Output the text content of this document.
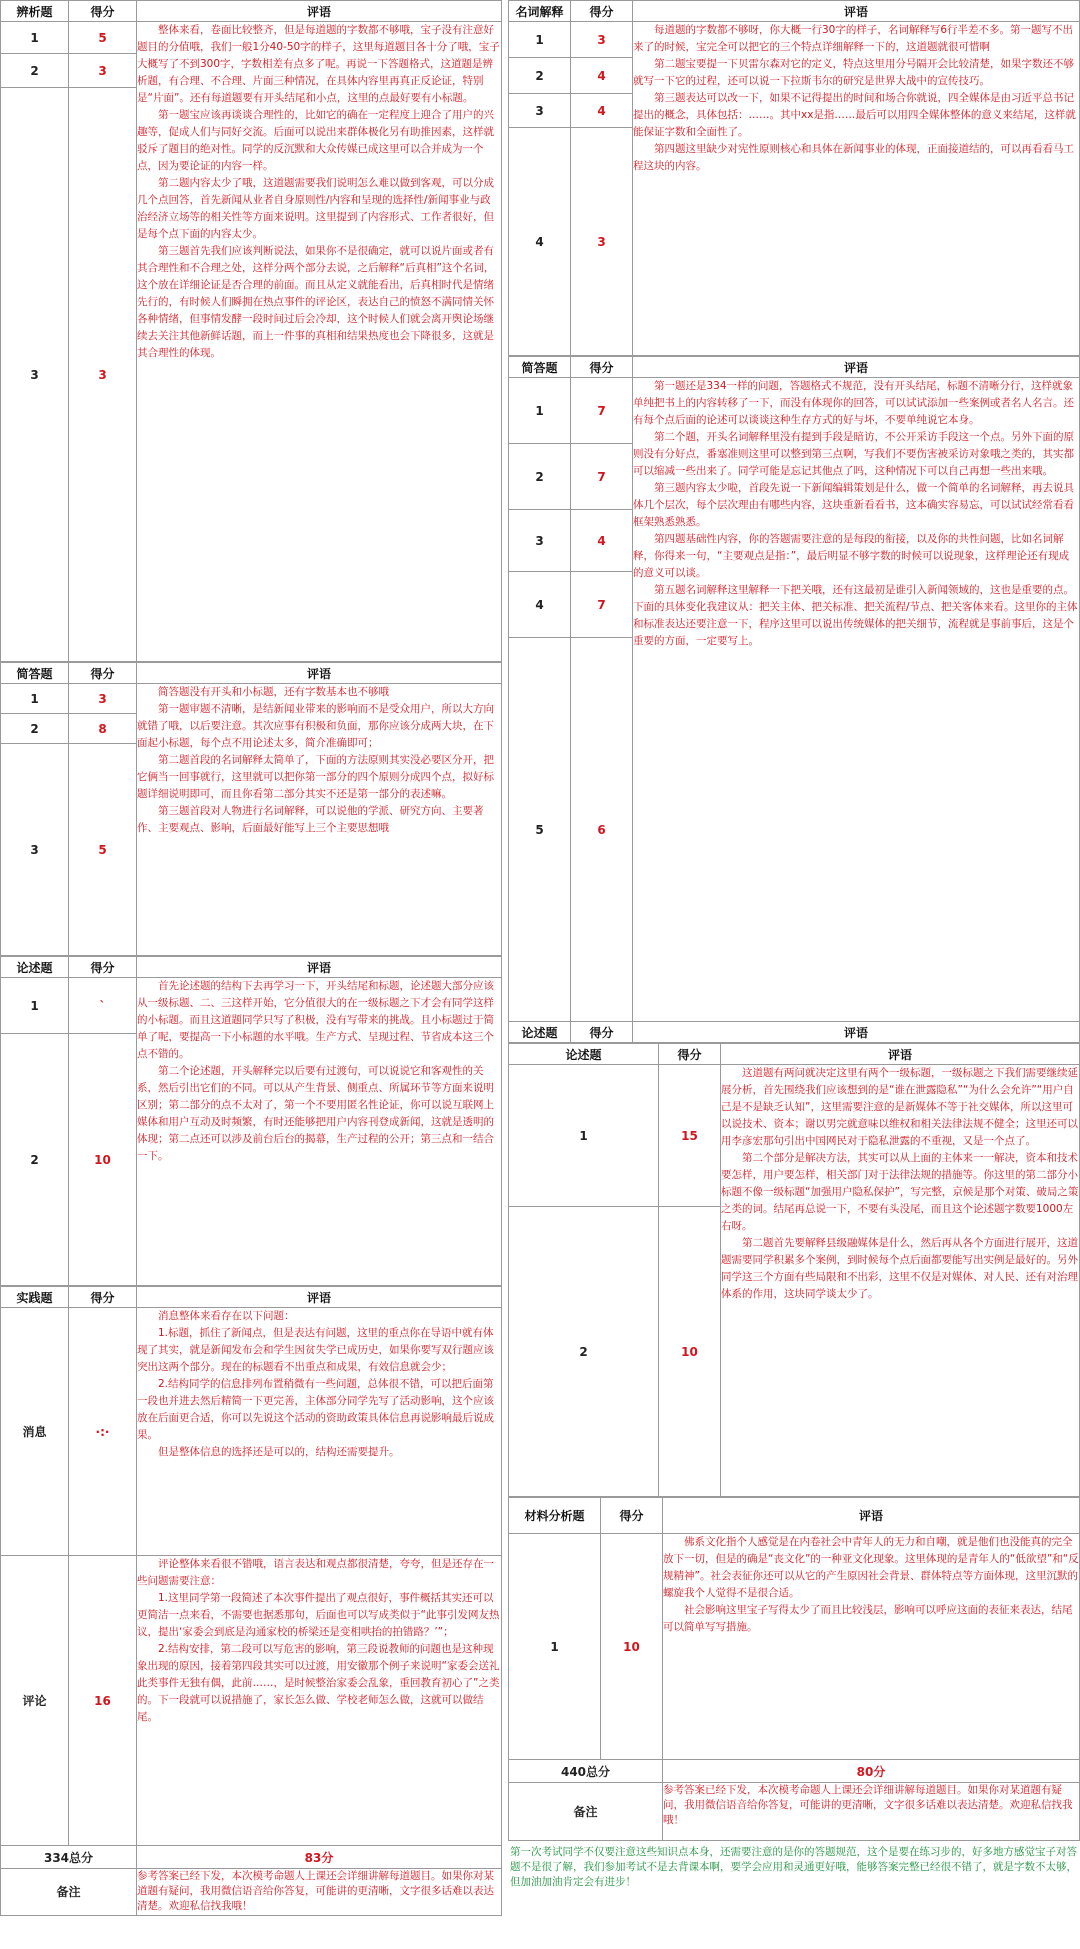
辨析题	得分	评语
1	5	整体来看，卷面比较整齐，但是每道题的字数都不够哦，宝子没有注意好题目的分值哦，我们一般1分40-50字的样子，这里每道题目各十分了哦，宝子大概写了不到300字，字数相差有点多了呢。再说一下答题格式，这道题是辨析题，有合理、不合理、片面三种情况，在具体内容里再真正反论证，特别是“片面”。还有每道题要有开头结尾和小点，这里的点最好要有小标题。

第一题宝应该再谈谈合理性的，比如它的确在一定程度上迎合了用户的兴趣等，促成人们与同好交流。后面可以说出来群体极化另有助推因素，这样就驳斥了题目的绝对性。同学的反沉默和大众传媒已成这里可以合并成为一个点，因为要论证的内容一样。

第二题内容太少了哦，这道题需要我们说明怎么难以做到客观，可以分成几个点回答，首先新闻从业者自身原则性/内容和呈现的选择性/新闻事业与政治经济立场等的相关性等方面来说明。这里提到了内容形式、工作者很好，但是每个点下面的内容太少。

第三题首先我们应该判断说法，如果你不是很确定，就可以说片面或者有其合理性和不合理之处，这样分两个部分去说，之后解释“后真相”这个名词，这个放在详细论证是否合理的前面。而且从定义就能看出，后真相时代是情绪先行的，有时候人们瞬拥在热点事件的评论区，表达自己的愤怒不满同情关怀各种情绪，但事情发酵一段时间过后会冷却，这个时候人们就会离开舆论场继续去关注其他新鲜话题，而上一件事的真相和结果热度也会下降很多，这就是其合理性的体现。

2	3	
3	3	
简答题	得分	评语
1	3	简答题没有开头和小标题，还有字数基本也不够哦

第一题审题不清晰，是结新闻业带来的影响而不是受众用户，所以大方向就错了哦，以后要注意。其次应事有积极和负面，那你应该分成两大块，在下面起小标题，每个点不用论述太多，简介准确即可；

第二题首段的名词解释太简单了，下面的方法原则其实没必要区分开，把它俩当一回事就行，这里就可以把你第一部分的四个原则分成四个点，拟好标题详细说明即可，而且你看第二部分其实不还是第一部分的表述嘛。

第三题首段对人物进行名词解释，可以说他的学派、研究方向、主要著作、主要观点、影响，后面最好能写上三个主要思想哦

2	8	
3	5	
论述题	得分	评语
1	`	首先论述题的结构下去再学习一下，开头结尾和标题，论述题大部分应该从一级标题、二、三这样开始，它分值很大的在一级标题之下才会有同学这样的小标题。而且这道题同学只写了积极，没有写带来的挑战。且小标题过于简单了呢，要提高一下小标题的水平哦。生产方式、呈现过程、节省成本这三个点不错的。

第二个论述题，开头解释完以后要有过渡句，可以说说它和客观性的关系，然后引出它们的不同。可以从产生背景、侧重点、所属环节等方面来说明区别；第二部分的点不太对了，第一个不要用匿名性论证，你可以说互联网上媒体和用户互动及时频繁，有时还能够把用户内容刊登成新闻，这就是透明的体现；第二点还可以涉及前台后台的揭幕，生产过程的公开；第三点和一结合一下。

2	10	
实践题	得分	评语
消息	·:·	消息整体来看存在以下问题：

1.标题，抓住了新闻点，但是表达有问题，这里的重点你在导语中就有体现了其实，就是新闻发布会和学生因贫失学已成历史，如果你要写双行题应该突出这两个部分。现在的标题看不出重点和成果，有效信息就会少；

2.结构同学的信息排列布置稍微有一些问题，总体很不错，可以把后面第一段也并进去然后精简一下更完善，主体部分同学先写了活动影响，这个应该放在后面更合适，你可以先说这个活动的资助政策具体信息再说影响最后说成果。

但是整体信息的选择还是可以的，结构还需要提升。

评论	16	评论整体来看很不错哦，语言表达和观点都很清楚，夸夸，但是还存在一些问题需要注意：

1.这里同学第一段简述了本次事件提出了观点很好，事件概括其实还可以更简洁一点来看，不需要也据悉那句，后面也可以写成类似于“此事引发网友热议，提出‘家委会到底是沟通家校的桥梁还是变相哄抬的拍错路？’”；

2.结构安排，第二段可以写危害的影响，第三段说教师的问题也是这种现象出现的原因，接着第四段其实可以过渡，用安徽那个例子来说明“家委会送礼此类事件无独有偶，此前……，是时候整治家委会乱象，重回教育初心了”之类的。下一段就可以说措施了，家长怎么做、学校老师怎么做，这就可以做结尾。

334总分		83分
备注		参考答案已经下发，本次模考命题人上课还会详细讲解每道题目。如果你对某道题有疑问，我用微信语音给你答复，可能讲的更清晰，文字很多话难以表达清楚。欢迎私信找我哦！
名词解释	得分	评语
1	3	每道题的字数都不够呀，你大概一行30字的样子，名词解释写6行半差不多。第一题写不出来了的时候，宝完全可以把它的三个特点详细解释一下的，这道题就很可惜啊

第二题宝要提一下贝雷尔森对它的定义，特点这里用分号隔开会比较清楚，如果字数还不够就写一下它的过程，还可以说一下拉斯韦尔的研究是世界大战中的宣传技巧。

第三题表达可以改一下，如果不记得提出的时间和场合你就说，四全媒体是由习近平总书记提出的概念，具体包括：……。其中xx是指……最后可以用四全媒体整体的意义来结尾，这样就能保证字数和全面性了。

第四题这里缺少对宪性原则核心和具体在新闻事业的体现，正面接道结的，可以再看看马工程这块的内容。

2	4	
3	4	
4	3	
简答题	得分	评语
1	7	第一题还是334一样的问题，答题格式不规范，没有开头结尾，标题不清晰分行，这样就象单纯把书上的内容转移了一下，而没有体现你的回答，可以试试添加一些案例或者名人名言。还有每个点后面的论述可以谈谈这种生存方式的好与坏，不要单纯说它本身。

第二个题，开头名词解释里没有提到手段是暗访，不公开采访手段这一个点。另外下面的原则没有分好点，番塞准则这里可以整到第三点啊，写我们不要伤害被采访对象哦之类的，其实都可以缩减一些出来了。同学可能是忘记其他点了吗，这种情况下可以自己再想一些出来哦。

第三题内容太少啦，首段先说一下新闻编辑策划是什么，做一个简单的名词解释，再去说具体几个层次，每个层次理由有哪些内容，这块重新看看书，这本确实容易忘，可以试试经常看看框架熟悉熟悉。

第四题基础性内容，你的答题需要注意的是每段的衔接，以及你的共性问题，比如名词解释，你得来一句，“主要观点是指：”，最后明显不够字数的时候可以说现象，这样理论还有现成的意义可以谈。

第五题名词解释这里解释一下把关哦，还有这最初是谁引入新闻领域的，这也是重要的点。下面的具体变化我建议从：把关主体、把关标准、把关流程/节点、把关客体来看。这里你的主体和标准表达还要注意一下，程序这里可以说出传统媒体的把关细节，流程就是事前事后，这是个重要的方面，一定要写上。

2	7	
3	4	
4	7	
5	6	
论述题	得分	评语
论述题	得分	评语
1	15	这道题有两问就决定这里有两个一级标题，一级标题之下我们需要继续延展分析，首先围绕我们应该想到的是“谁在泄露隐私”“为什么会允许”“用户自己是不是缺乏认知”，这里需要注意的是新媒体不等于社交媒体，所以这里可以说技术、资本；谢以男完就意味以维权和相关法律法规不健全；这里还可以用李彦宏那句引出中国网民对于隐私泄露的不重视，又是一个点了。

第二个部分是解决方法，其实可以从上面的主体来一一解决，资本和技术要怎样，用户要怎样，相关部门对于法律法规的措施等。你这里的第二部分小标题不像一级标题“加强用户隐私保护”，写完整，京候是那个对策、破局之策之类的词。结尾再总说一下，不要有头没尾，而且这个论述题字数要1000左右呀。

第二题首先要解释县级融媒体是什么，然后再从各个方面进行展开，这道题需要同学积累多个案例，到时候每个点后面都要能写出实例是最好的。另外同学这三个方面有些局限和不出彩，这里不仅是对媒体、对人民、还有对治理体系的作用，这块同学谈太少了。

2	10	
材料分析题	得分	评语
1	10	佛系文化指个人感觉是在内卷社会中青年人的无力和自嘲，就是他们也没能真的完全放下一切，但是的确是“丧文化”的一种亚文化现象。这里体现的是青年人的“低欲望”和“反规精神”。社会表征你还可以从它的产生原因社会背景、群体特点等方面体现，这里沉默的螺旋我个人觉得不是很合适。

社会影响这里宝子写得太少了而且比较浅层，影响可以呼应这面的表征来表达，结尾可以简单写写措施。

440总分		80分
备注		参考答案已经下发，本次模考命题人上课还会详细讲解每道题目。如果你对某道题有疑问，我用微信语音给你答复，可能讲的更清晰，文字很多话难以表达清楚。欢迎私信找我哦！
第一次考试同学不仅要注意这些知识点本身，还需要注意的是你的答题规范，这个是要在练习步的，好多地方感觉宝子对答题不是很了解，我们参加考试不是去背课本啊，要学会应用和灵通更好哦，能够答案完整已经很不错了，就是字数不太够，但加油加油肯定会有进步！
